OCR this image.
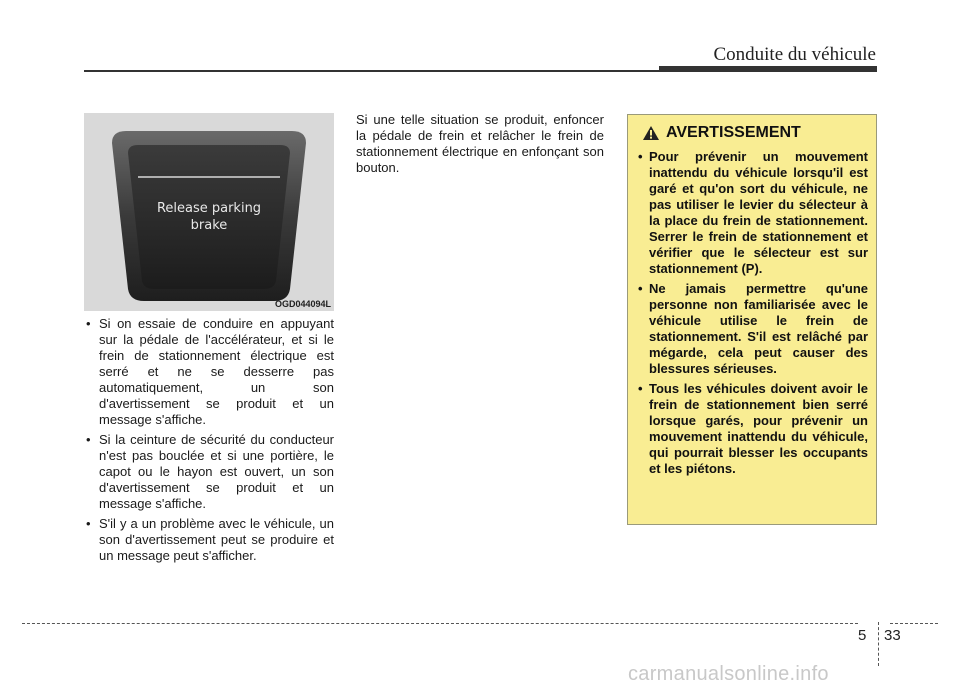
Conduite du véhicule
Release parking
brake
OGD044094L
• Si on essaie de conduire en appuyant sur la pédale de l'accélérateur, et si le frein de stationnement électrique est serré et ne se desserre pas automatiquement, un son d'avertissement se produit et un message s'affiche.
• Si la ceinture de sécurité du conducteur n'est pas bouclée et si une portière, le capot ou le hayon est ouvert, un son d'avertissement se produit et un message s'affiche.
• S'il y a un problème avec le véhicule, un son d'avertissement peut se produire et un message peut s'afficher.

Si une telle situation se produit, enfoncer la pédale de frein et relâcher le frein de stationnement électrique en enfonçant son bouton.

AVERTISSEMENT
• Pour prévenir un mouvement inattendu du véhicule lorsqu'il est garé et qu'on sort du véhicule, ne pas utiliser le levier du sélecteur à la place du frein de stationnement. Serrer le frein de stationnement et vérifier que le sélecteur est sur stationnement (P).
• Ne jamais permettre qu'une personne non familiarisée avec le véhicule utilise le frein de stationnement. S'il est relâché par mégarde, cela peut causer des blessures sérieuses.
• Tous les véhicules doivent avoir le frein de stationnement bien serré lorsque garés, pour prévenir un mouvement inattendu du véhicule, qui pourrait blesser les occupants et les piétons.
5 33
carmanualsonline.info
